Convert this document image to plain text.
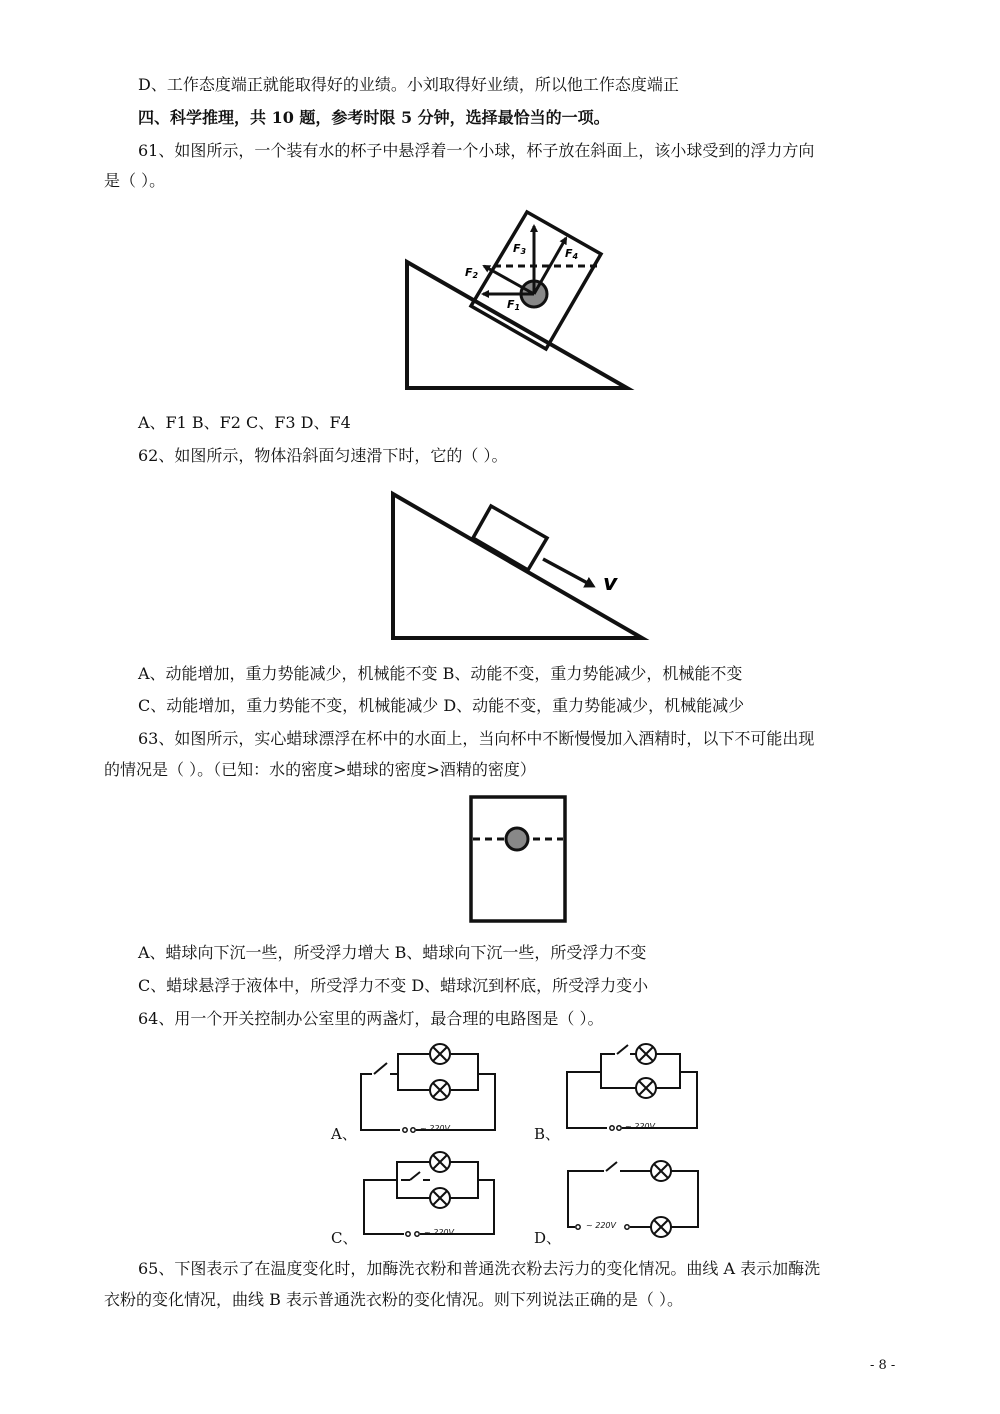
D、工作态度端正就能取得好的业绩。小刘取得好业绩，所以他工作态度端正
四、科学推理，共 10 题，参考时限 5 分钟，选择最恰当的一项。
61、如图所示，一个装有水的杯子中悬浮着一个小球，杯子放在斜面上，该小球受到的浮力方向
是（ ）。
F3	F4
F2
F1
A、F1 B、F2 C、F3 D、F4
62、如图所示，物体沿斜面匀速滑下时，它的（ ）。
v
A、动能增加，重力势能减少，机械能不变 B、动能不变，重力势能减少，机械能不变
C、动能增加，重力势能不变，机械能减少 D、动能不变，重力势能减少，机械能减少
63、如图所示，实心蜡球漂浮在杯中的水面上，当向杯中不断慢慢加入酒精时，以下不可能出现
的情况是（ ）。（已知：水的密度>蜡球的密度>酒精的密度）
A、蜡球向下沉一些，所受浮力增大 B、蜡球向下沉一些，所受浮力不变
C、蜡球悬浮于液体中，所受浮力不变 D、蜡球沉到杯底，所受浮力变小
64、用一个开关控制办公室里的两盏灯，最合理的电路图是（ ）。
~ 220V	~ 220V
~ 220V
~ 220V
A、	B、
C、	D、
65、下图表示了在温度变化时，加酶洗衣粉和普通洗衣粉去污力的变化情况。曲线 A 表示加酶洗
衣粉的变化情况，曲线 B 表示普通洗衣粉的变化情况。则下列说法正确的是（ ）。
- 8 -
